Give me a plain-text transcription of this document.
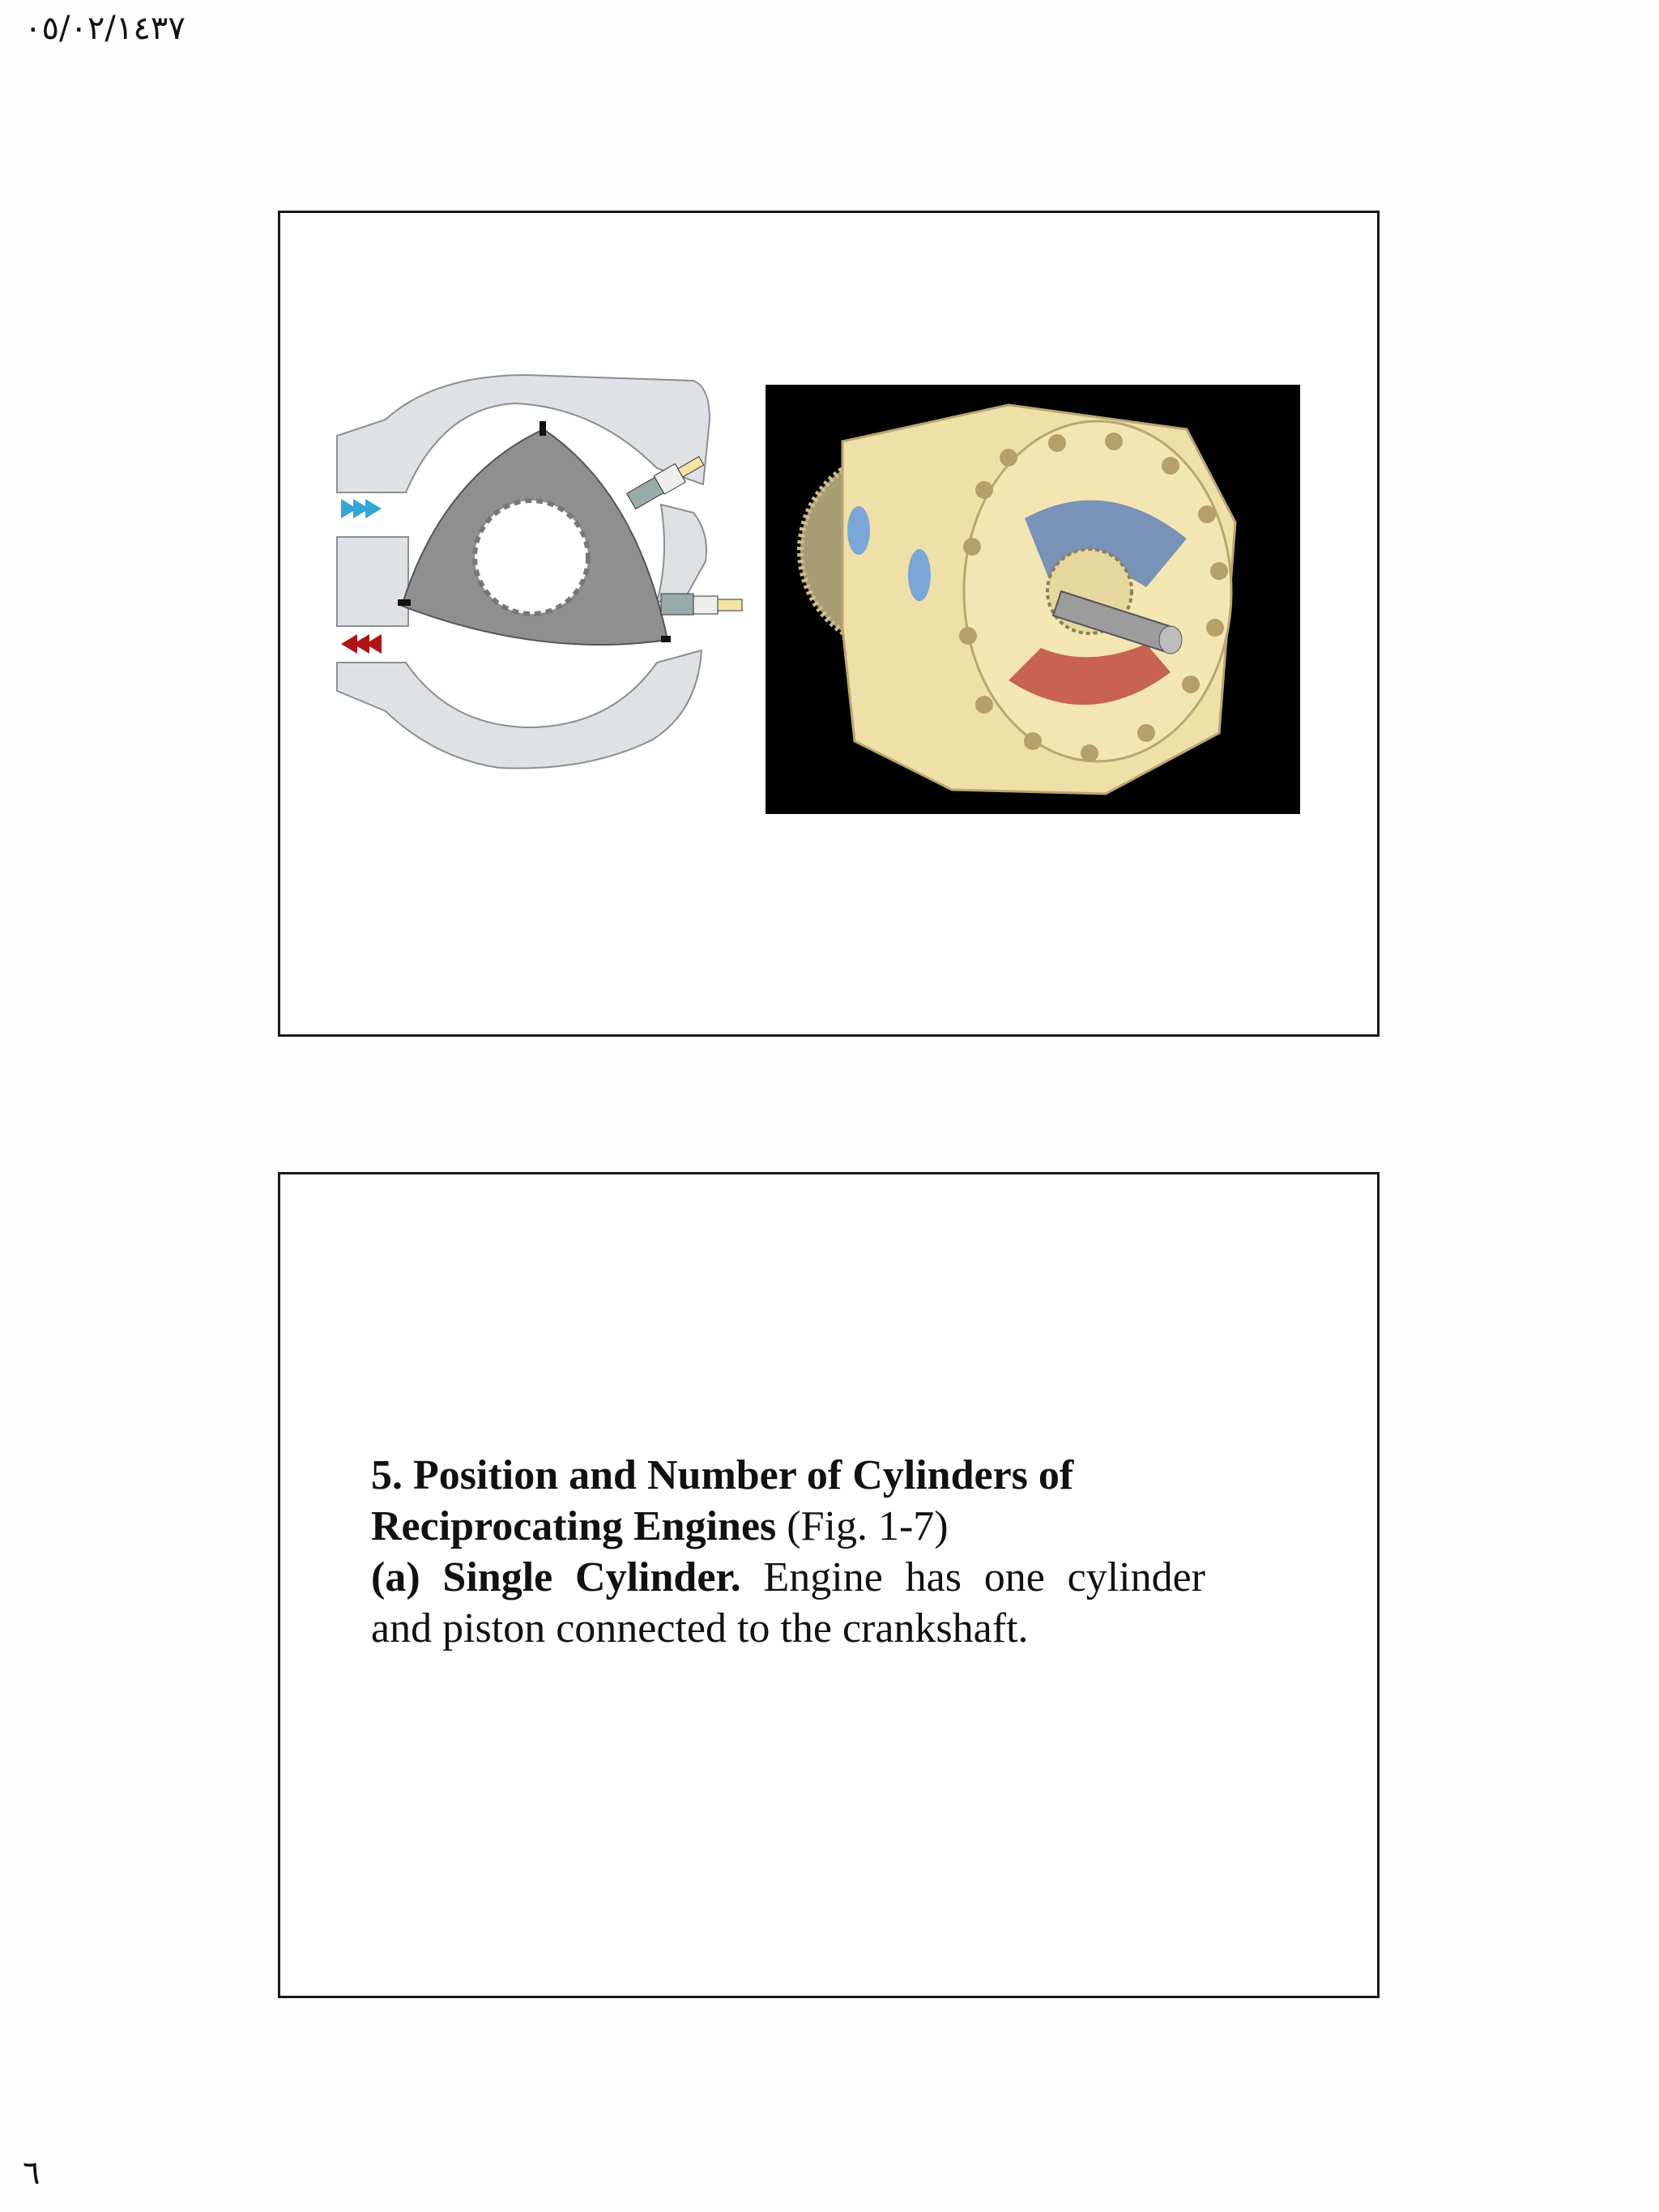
٠٥/٠٢/١٤٣٧

5. Position and Number of Cylinders of

Reciprocating Engines (Fig. 1-7)

(a) Single Cylinder. Engine has one cylinder

and piston connected to the crankshaft.

٦
